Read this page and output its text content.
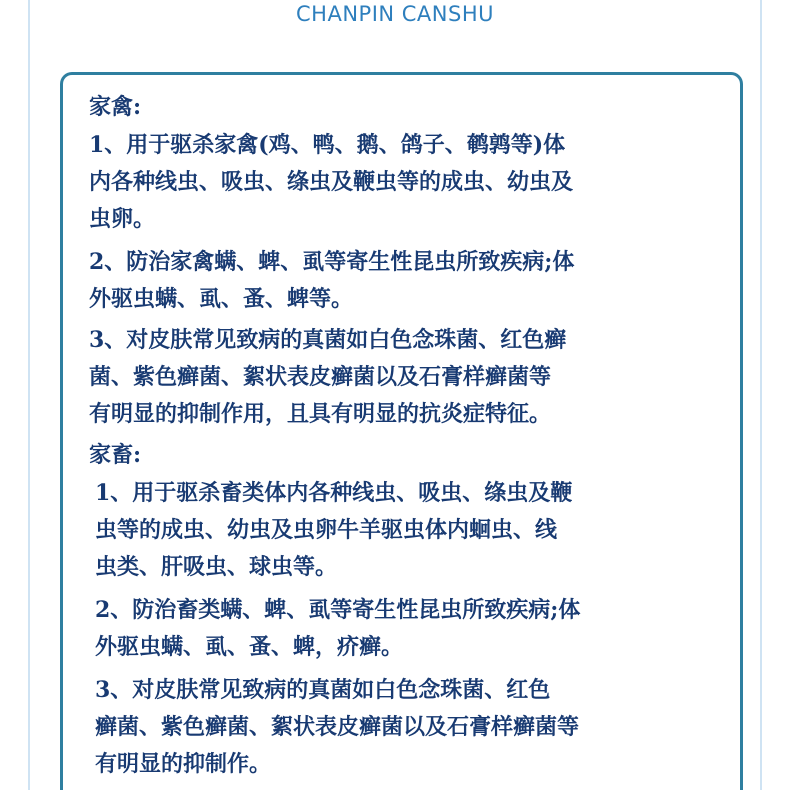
CHANPIN CANSHU
家禽:
1、用于驱杀家禽(鸡、鸭、鹅、鸽子、鹌鹑等)体
内各种线虫、吸虫、绦虫及鞭虫等的成虫、幼虫及
虫卵。
2、防治家禽螨、蜱、虱等寄生性昆虫所致疾病;体
外驱虫螨、虱、蚤、蜱等。
3、对皮肤常见致病的真菌如白色念珠菌、红色癣
菌、紫色癣菌、絮状表皮癣菌以及石膏样癣菌等
有明显的抑制作用，且具有明显的抗炎症特征。
家畜:
1、用于驱杀畜类体内各种线虫、吸虫、绦虫及鞭
虫等的成虫、幼虫及虫卵牛羊驱虫体内蛔虫、线
虫类、肝吸虫、球虫等。
2、防治畜类螨、蜱、虱等寄生性昆虫所致疾病;体
外驱虫螨、虱、蚤、蜱，疥癣。
3、对皮肤常见致病的真菌如白色念珠菌、红色
癣菌、紫色癣菌、絮状表皮癣菌以及石膏样癣菌等
有明显的抑制作。
